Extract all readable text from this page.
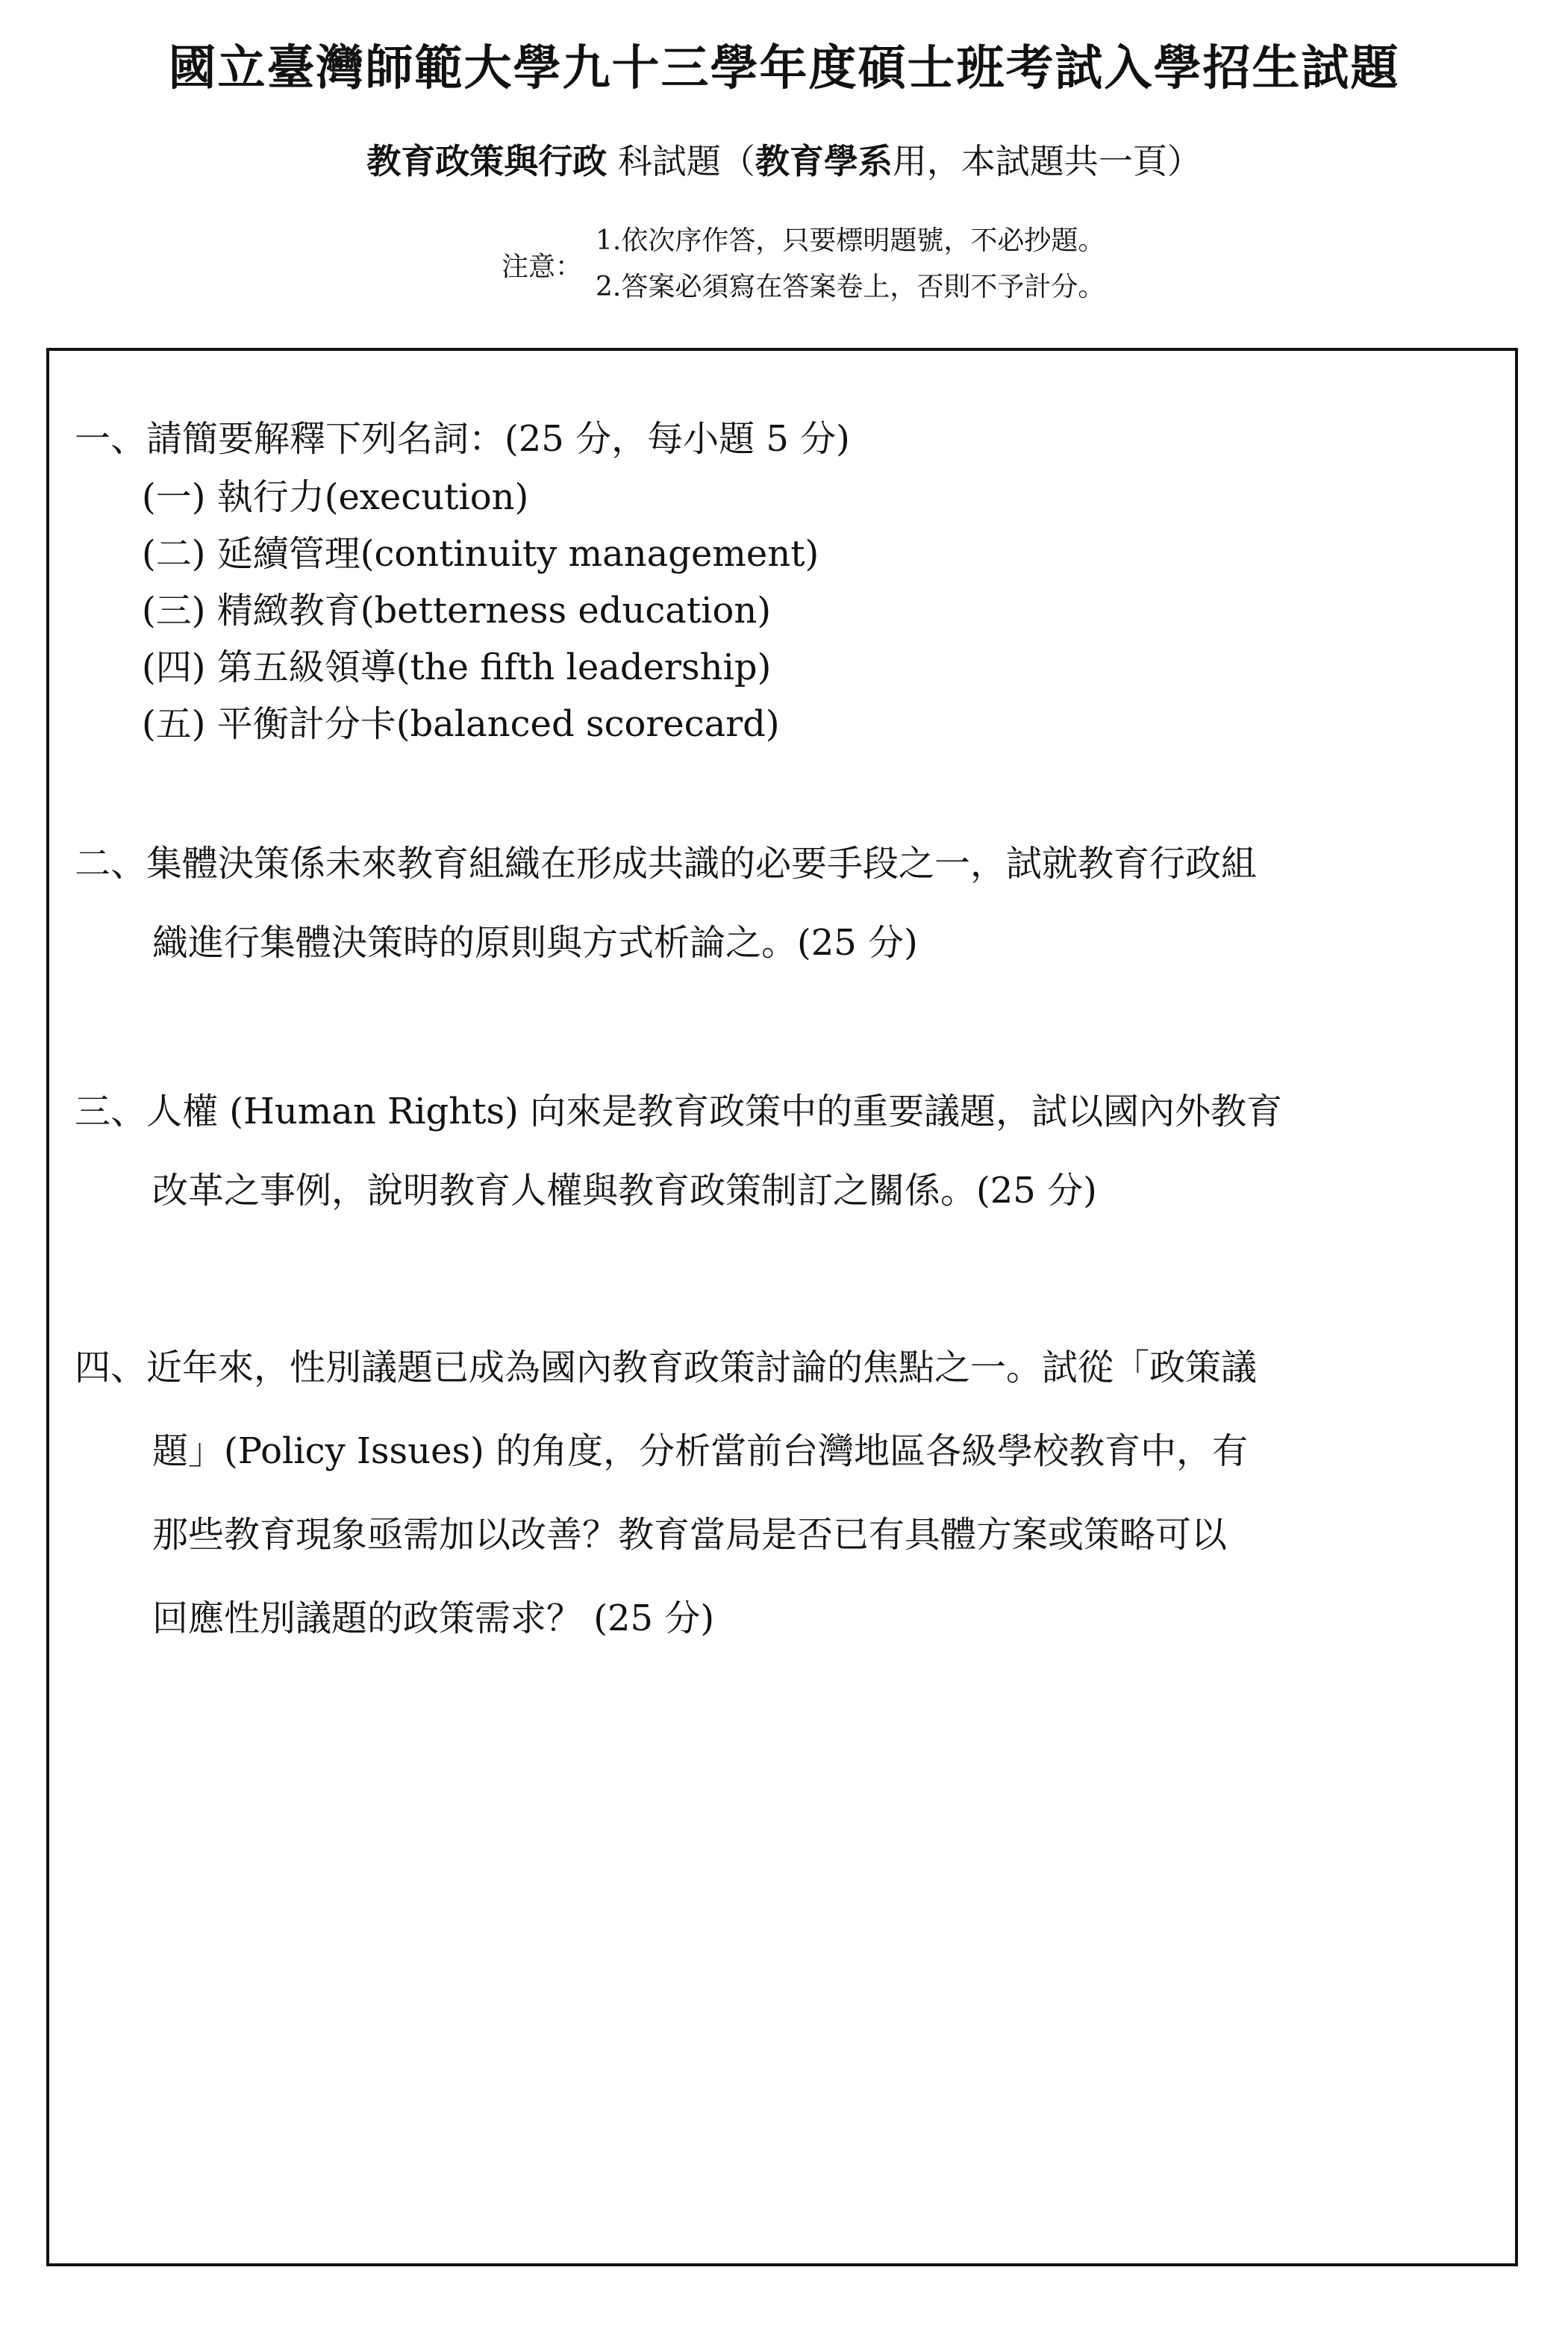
國立臺灣師範大學九十三學年度碩士班考試入學招生試題
教育政策與行政 科試題（教育學系用，本試題共一頁）
注意：
1.依次序作答，只要標明題號，不必抄題。
2.答案必須寫在答案卷上，否則不予計分。
一、請簡要解釋下列名詞：(25 分，每小題 5 分)
(一) 執行力(execution)
(二) 延續管理(continuity management)
(三) 精緻教育(betterness education)
(四) 第五級領導(the fifth leadership)
(五) 平衡計分卡(balanced scorecard)
二、集體決策係未來教育組織在形成共識的必要手段之一，試就教育行政組
織進行集體決策時的原則與方式析論之。(25 分)
三、人權 (Human Rights) 向來是教育政策中的重要議題，試以國內外教育
改革之事例，說明教育人權與教育政策制訂之關係。(25 分)
四、近年來，性別議題已成為國內教育政策討論的焦點之一。試從「政策議
題」(Policy Issues) 的角度，分析當前台灣地區各級學校教育中，有
那些教育現象亟需加以改善？教育當局是否已有具體方案或策略可以
回應性別議題的政策需求？ (25 分)
